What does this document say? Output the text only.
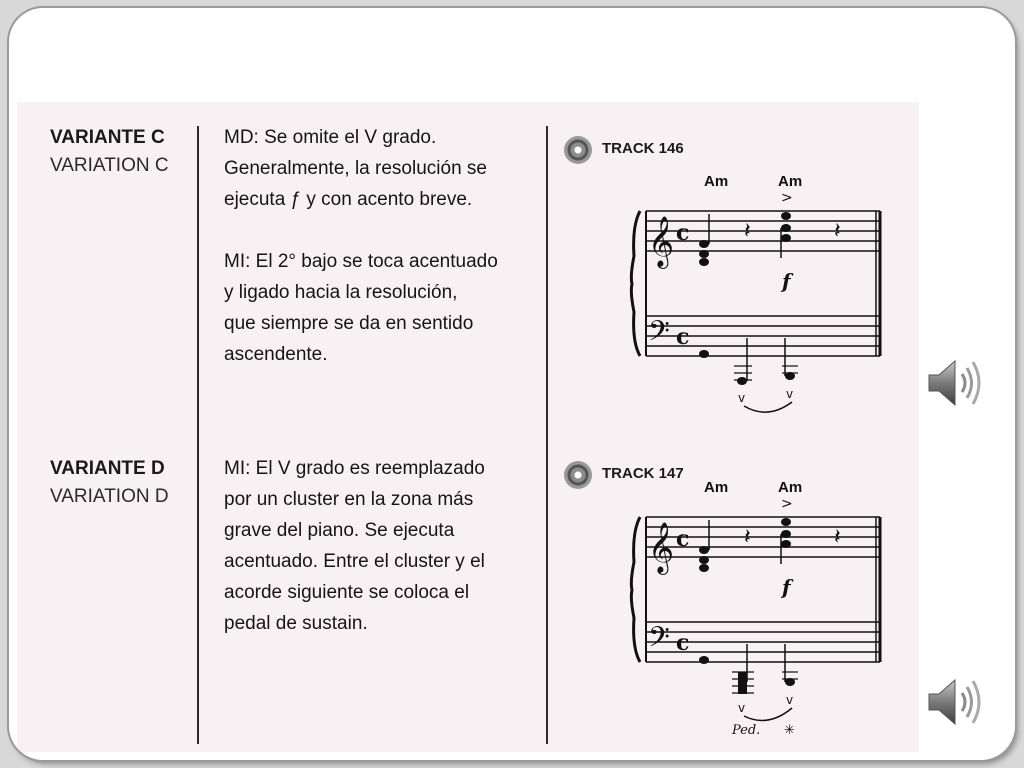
VARIANTE C
VARIATION C
MD: Se omite el V grado.
Generalmente, la resolución se
ejecuta ƒ y con acento breve.
MI: El 2° bajo se toca acentuado
y ligado hacia la resolución,
que siempre se da en sentido
ascendente.
VARIANTE D
VARIATION D
MI: El V grado es reemplazado
por un cluster en la zona más
grave del piano. Se ejecuta
acentuado. Entre el cluster y el
acorde siguiente se coloca el
pedal de sustain.
TRACK 146
TRACK 147
Am	Am
𝄞 c
𝄢 c
𝄽	𝄽
>
f
v	v
Am	Am
𝄞 c
𝄢 c
𝄽	𝄽
>
f
v
v
Ped. ✳
